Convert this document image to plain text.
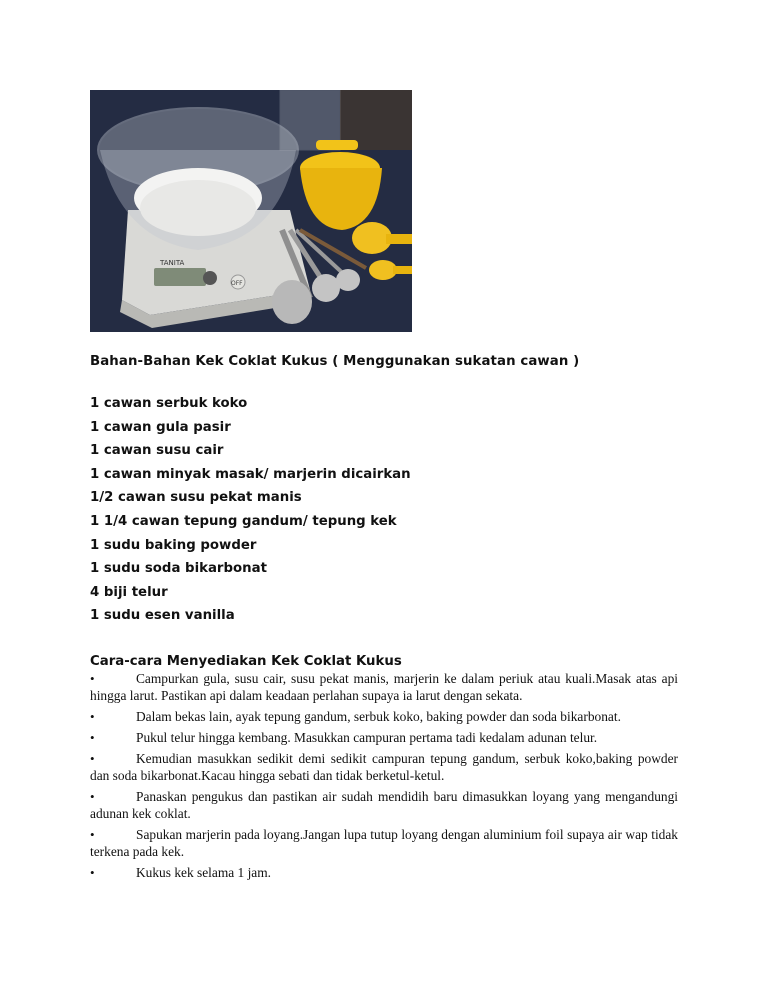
TANITA
OFF
Bahan-Bahan Kek Coklat Kukus ( Menggunakan sukatan cawan )
1 cawan serbuk koko
1 cawan gula pasir
1 cawan susu cair
1 cawan minyak masak/ marjerin dicairkan
1/2 cawan susu pekat manis
1 1/4 cawan tepung gandum/ tepung kek
1 sudu baking powder
1 sudu soda bikarbonat
4 biji telur
1 sudu esen vanilla
Cara-cara Menyediakan Kek Coklat Kukus
•	Campurkan gula, susu cair, susu pekat manis, marjerin ke dalam periuk atau kuali.Masak atas api hingga larut. Pastikan api dalam keadaan perlahan supaya ia larut dengan sekata.
•	Dalam bekas lain, ayak tepung gandum, serbuk koko, baking powder dan soda bikarbonat.
•	Pukul telur hingga kembang. Masukkan campuran pertama tadi kedalam adunan telur.
•	Kemudian masukkan sedikit demi sedikit campuran tepung gandum, serbuk koko,baking powder dan soda bikarbonat.Kacau hingga sebati dan tidak berketul-ketul.
•	Panaskan pengukus dan pastikan air sudah mendidih baru dimasukkan loyang yang mengandungi adunan kek coklat.
•	Sapukan marjerin pada loyang.Jangan lupa tutup loyang dengan aluminium foil supaya air wap tidak terkena pada kek.
•	Kukus kek selama 1 jam.
